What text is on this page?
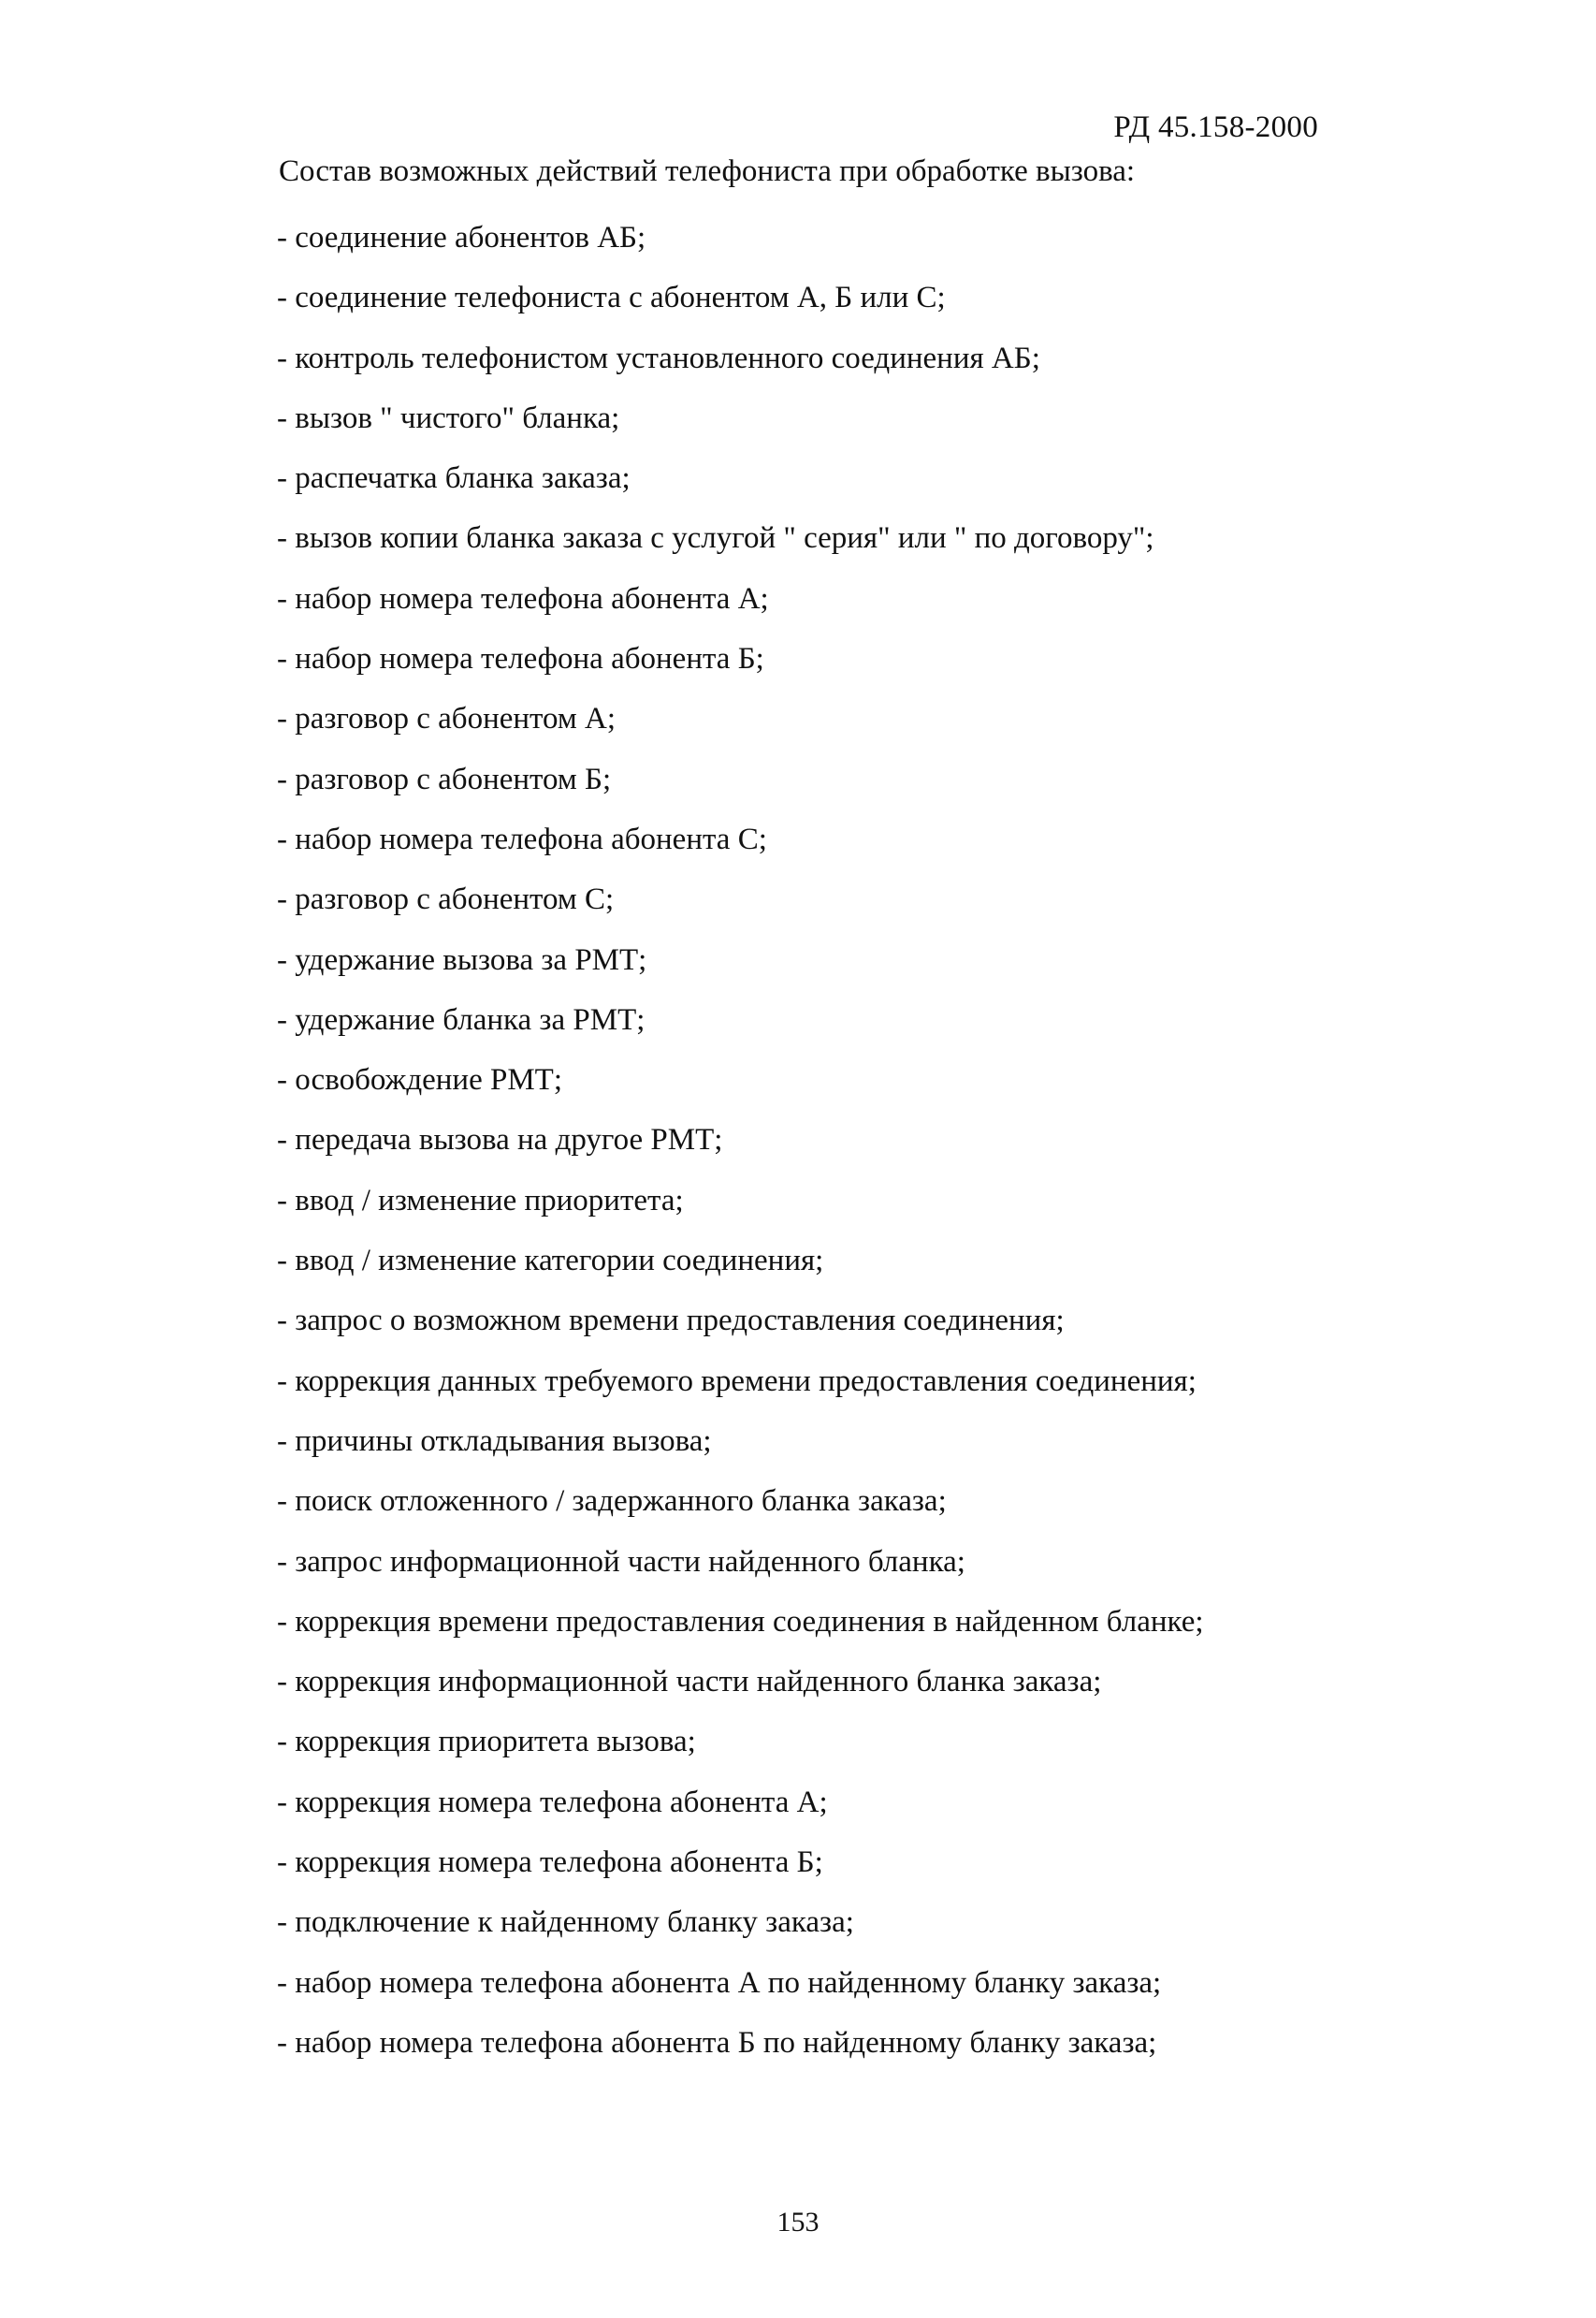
РД 45.158-2000
Состав возможных действий телефониста при обработке вызова:
- соединение абонентов АБ;
- соединение телефониста с абонентом А, Б или С;
- контроль телефонистом установленного соединения АБ;
- вызов " чистого" бланка;
- распечатка бланка заказа;
- вызов копии бланка заказа с услугой " серия" или " по договору";
- набор номера телефона абонента А;
- набор номера телефона абонента Б;
- разговор с абонентом А;
- разговор с абонентом Б;
- набор номера телефона абонента С;
- разговор с абонентом С;
- удержание вызова за РМТ;
- удержание бланка за РМТ;
- освобождение РМТ;
- передача вызова на другое РМТ;
- ввод / изменение приоритета;
- ввод / изменение категории соединения;
- запрос о возможном времени предоставления соединения;
- коррекция данных требуемого времени предоставления соединения;
- причины откладывания вызова;
- поиск отложенного / задержанного бланка заказа;
- запрос информационной части найденного бланка;
- коррекция времени предоставления соединения в найденном бланке;
- коррекция информационной части найденного бланка заказа;
- коррекция приоритета вызова;
- коррекция номера телефона абонента А;
- коррекция номера телефона абонента Б;
- подключение к найденному бланку заказа;
- набор номера телефона абонента А по найденному бланку заказа;
- набор номера телефона абонента Б по найденному бланку заказа;
153
